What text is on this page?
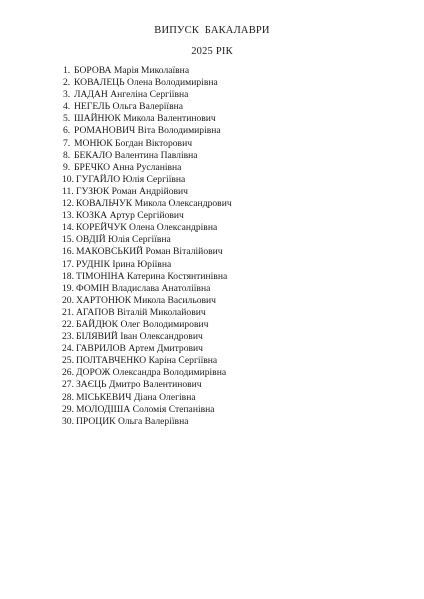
ВИПУСК  БАКАЛАВРИ
2025 РІК
1. БОРОВА Марія Миколаївна
2. КОВАЛЕЦЬ Олена Володимирівна
3. ЛАДАН Ангеліна Сергіївна
4. НЕГЕЛЬ Ольга Валеріївна
5. ШАЙНЮК Микола Валентинович
6. РОМАНОВИЧ Віта Володимирівна
7. МОНЮК Богдан Вікторович
8. БЕКАЛО Валентина Павлівна
9. БРЕЧКО Анна Русланівна
10. ГУГАЙЛО Юлія Сергіївна
11. ГУЗЮК Роман Андрійович
12. КОВАЛЬЧУК Микола Олександрович
13. КОЗКА Артур Сергійович
14. КОРЕЙЧУК Олена Олександрівна
15. ОВДІЙ Юлія Сергіївна
16. МАКОВСЬКИЙ Роман Віталійович
17. РУДНІК Ірина Юріївна
18. ТІМОНІНА Катерина Костянтинівна
19. ФОМІН Владислава Анатоліївна
20. ХАРТОНЮК Микола Васильович
21. АГАПОВ Віталій Миколайович
22. БАЙДЮК Олег Володимирович
23. БІЛЯВИЙ Іван Олександрович
24. ГАВРИЛОВ Артем Дмитрович
25. ПОЛТАВЧЕНКО Каріна Сергіївна
26. ДОРОЖ Олександра Володимирівна
27. ЗАЄЦЬ Дмитро Валентинович
28. МІСЬКЕВИЧ Діана Олегівна
29. МОЛОДІША Соломія Степанівна
30. ПРОЦИК Ольга Валеріївна
